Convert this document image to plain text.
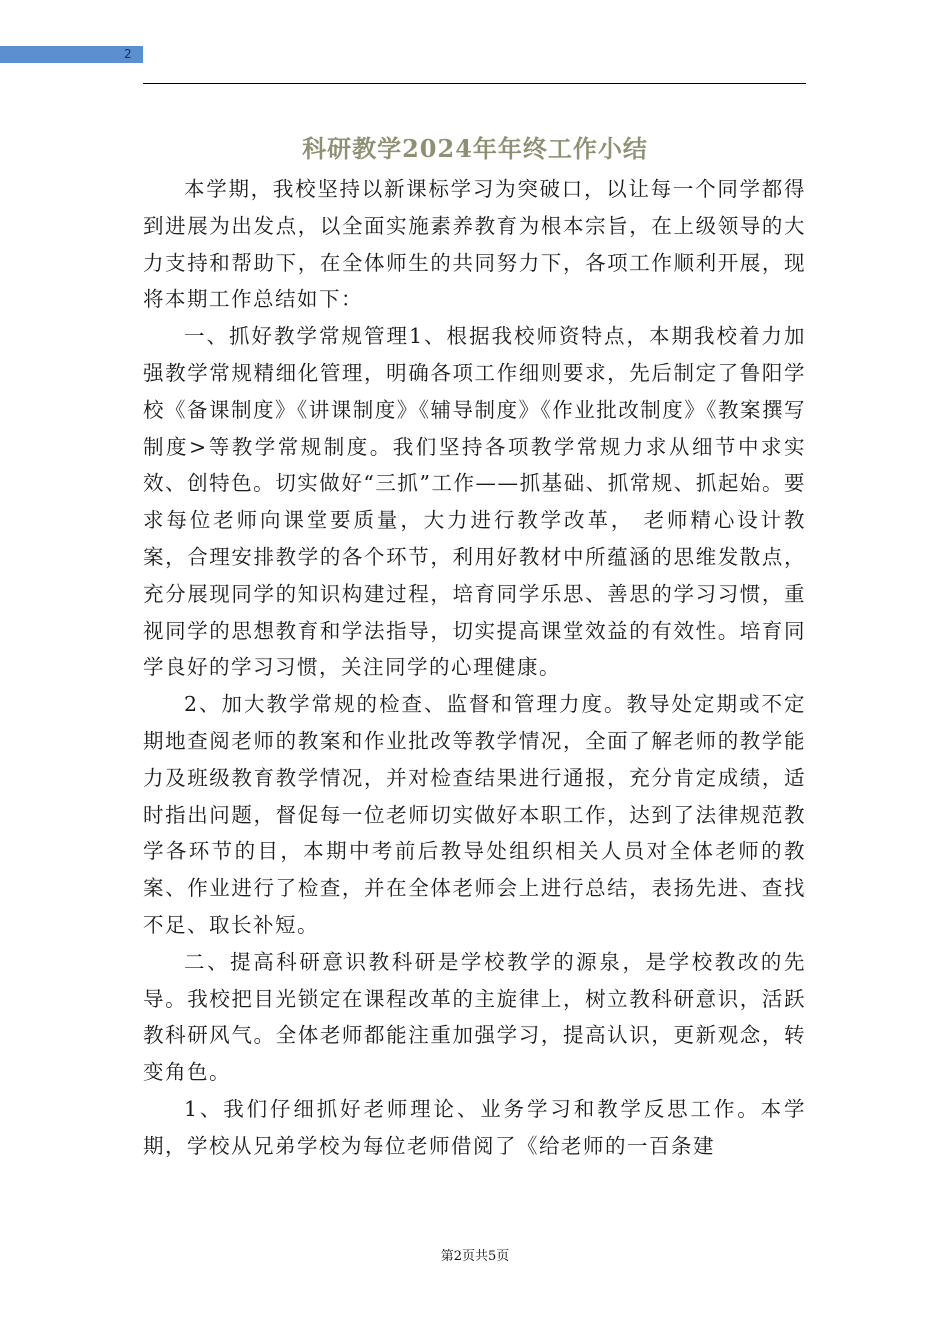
2
科研教学2024年年终工作小结

本学期，我校坚持以新课标学习为突破口，以让每一个同学都得到进展为出发点，以全面实施素养教育为根本宗旨，在上级领导的大力支持和帮助下，在全体师生的共同努力下，各项工作顺利开展，现将本期工作总结如下：

一、抓好教学常规管理1、根据我校师资特点，本期我校着力加强教学常规精细化管理，明确各项工作细则要求，先后制定了鲁阳学校《备课制度》《讲课制度》《辅导制度》《作业批改制度》《教案撰写制度>等教学常规制度。我们坚持各项教学常规力求从细节中求实效、创特色。切实做好“三抓”工作——抓基础、抓常规、抓起始。要求每位老师向课堂要质量，大力进行教学改革， 老师精心设计教案，合理安排教学的各个环节，利用好教材中所蕴涵的思维发散点，充分展现同学的知识构建过程，培育同学乐思、善思的学习习惯，重视同学的思想教育和学法指导，切实提高课堂效益的有效性。培育同学良好的学习习惯，关注同学的心理健康。

2、加大教学常规的检查、监督和管理力度。教导处定期或不定期地查阅老师的教案和作业批改等教学情况，全面了解老师的教学能力及班级教育教学情况，并对检查结果进行通报，充分肯定成绩，适时指出问题，督促每一位老师切实做好本职工作，达到了法律规范教学各环节的目，本期中考前后教导处组织相关人员对全体老师的教案、作业进行了检查，并在全体老师会上进行总结，表扬先进、查找不足、取长补短。

二、提高科研意识教科研是学校教学的源泉，是学校教改的先导。我校把目光锁定在课程改革的主旋律上，树立教科研意识，活跃教科研风气。全体老师都能注重加强学习，提高认识，更新观念，转变角色。

1、我们仔细抓好老师理论、业务学习和教学反思工作。本学期，学校从兄弟学校为每位老师借阅了《给老师的一百条建

第2页共5页
